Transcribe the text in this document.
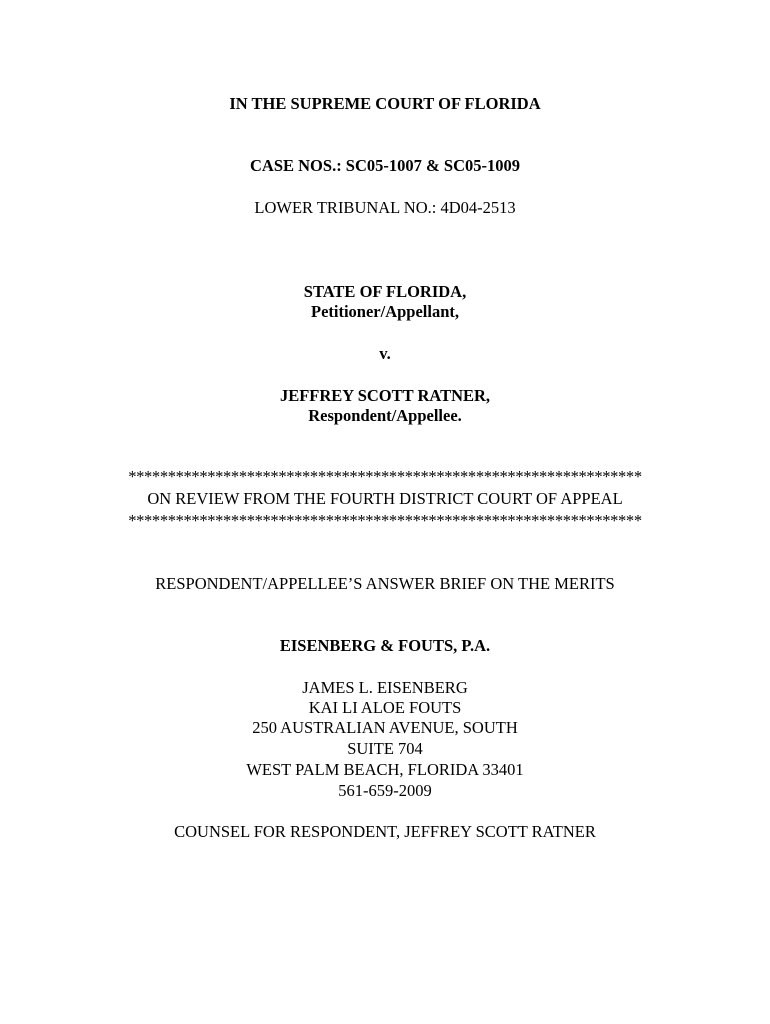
IN THE SUPREME COURT OF FLORIDA
CASE NOS.: SC05-1007 & SC05-1009
LOWER TRIBUNAL NO.: 4D04-2513
STATE OF FLORIDA,
Petitioner/Appellant,
v.
JEFFREY SCOTT RATNER,
Respondent/Appellee.
*****************************************************************
ON REVIEW FROM THE FOURTH DISTRICT COURT OF APPEAL
*****************************************************************
RESPONDENT/APPELLEE’S ANSWER BRIEF ON THE MERITS
EISENBERG & FOUTS, P.A.
JAMES L. EISENBERG
KAI LI ALOE FOUTS
250 AUSTRALIAN AVENUE, SOUTH
SUITE 704
WEST PALM BEACH, FLORIDA 33401
561-659-2009
COUNSEL FOR RESPONDENT, JEFFREY SCOTT RATNER
